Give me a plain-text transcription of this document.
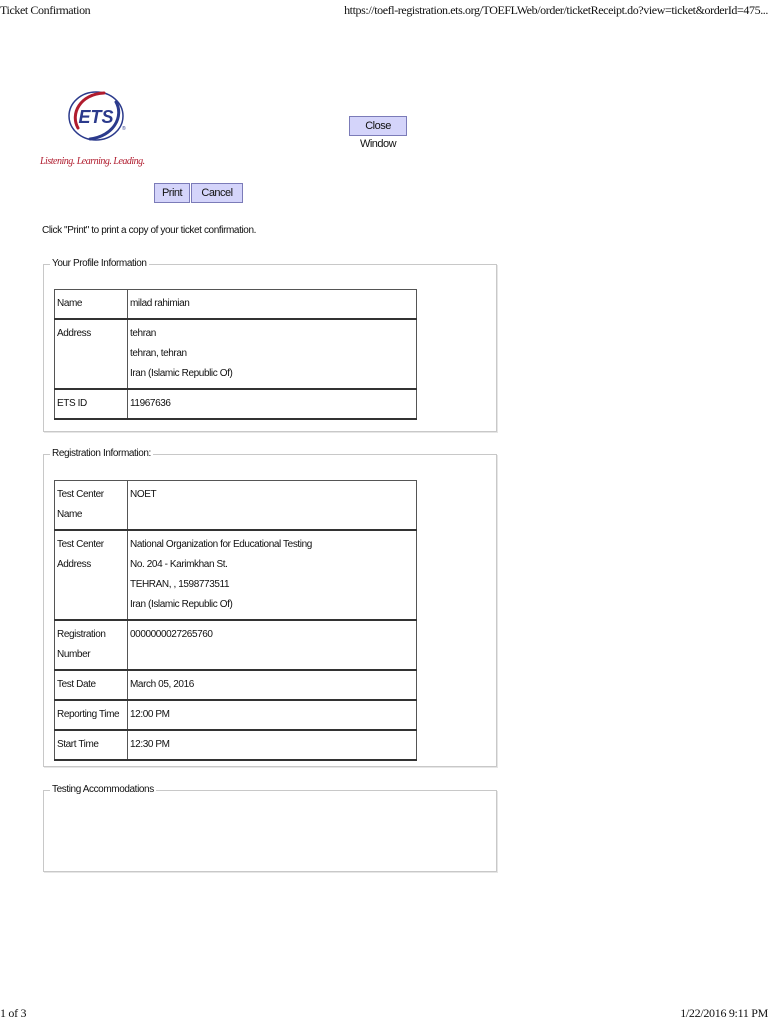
Ticket Confirmation	https://toefl-registration.ets.org/TOEFLWeb/order/ticketReceipt.do?view=ticket&orderId=475...
ETS
®
Listening. Learning. Leading.
Close Window
Print	Cancel
Click "Print" to print a copy of your ticket confirmation.
Your Profile Information
Name	milad rahimian
Address	tehran
tehran, tehran
Iran (Islamic Republic Of)

ETS ID	11967636
Registration Information:
Test Center
Name	NOET

Test Center
Address	National Organization for Educational Testing
No. 204 - Karimkhan St.
TEHRAN, , 1598773511
Iran (Islamic Republic Of)

Registration
Number	0000000027265760
Test Date	March 05, 2016
Reporting Time	12:00 PM
Start Time	12:30 PM
Testing Accommodations
1 of 3	1/22/2016 9:11 PM
